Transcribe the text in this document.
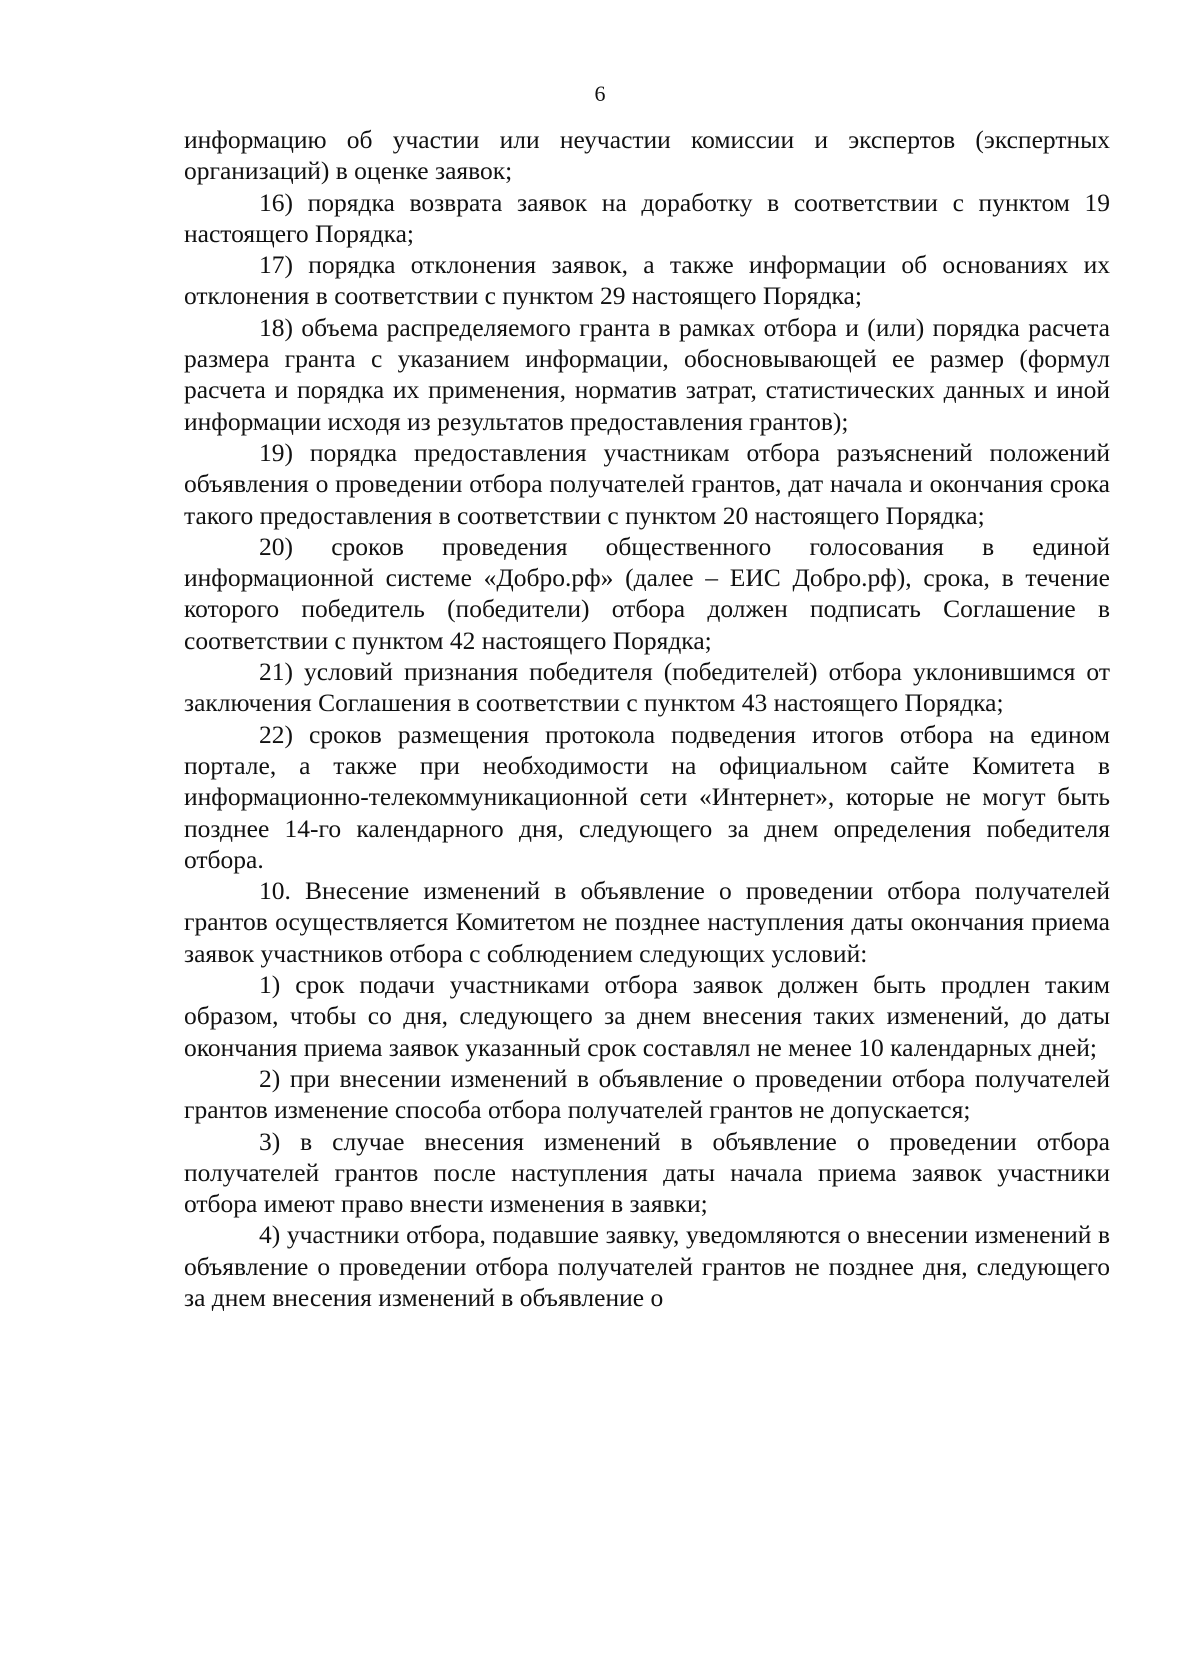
6

информацию об участии или неучастии комиссии и экспертов (экспертных организаций) в оценке заявок;

16) порядка возврата заявок на доработку в соответствии с пунктом 19 настоящего Порядка;

17) порядка отклонения заявок, а также информации об основаниях их отклонения в соответствии с пунктом 29 настоящего Порядка;

18) объема распределяемого гранта в рамках отбора и (или) порядка расчета размера гранта с указанием информации, обосновывающей ее размер (формул расчета и порядка их применения, норматив затрат, статистических данных и иной информации исходя из результатов предоставления грантов);

19) порядка предоставления участникам отбора разъяснений положений объявления о проведении отбора получателей грантов, дат начала и окончания срока такого предоставления в соответствии с пунктом 20 настоящего Порядка;

20) сроков проведения общественного голосования в единой информационной системе «Добро.рф» (далее – ЕИС Добро.рф), срока, в течение которого победитель (победители) отбора должен подписать Соглашение в соответствии с пунктом 42 настоящего Порядка;

21) условий признания победителя (победителей) отбора уклонившимся от заключения Соглашения в соответствии с пунктом 43 настоящего Порядка;

22) сроков размещения протокола подведения итогов отбора на едином портале, а также при необходимости на официальном сайте Комитета в информационно-телекоммуникационной сети «Интернет», которые не могут быть позднее 14-го календарного дня, следующего за днем определения победителя отбора.

10. Внесение изменений в объявление о проведении отбора получателей грантов осуществляется Комитетом не позднее наступления даты окончания приема заявок участников отбора с соблюдением следующих условий:

1) срок подачи участниками отбора заявок должен быть продлен таким образом, чтобы со дня, следующего за днем внесения таких изменений, до даты окончания приема заявок указанный срок составлял не менее 10 календарных дней;

2) при внесении изменений в объявление о проведении отбора получателей грантов изменение способа отбора получателей грантов не допускается;

3) в случае внесения изменений в объявление о проведении отбора получателей грантов после наступления даты начала приема заявок участники отбора имеют право внести изменения в заявки;

4) участники отбора, подавшие заявку, уведомляются о внесении изменений в объявление о проведении отбора получателей грантов не позднее дня, следующего за днем внесения изменений в объявление о
